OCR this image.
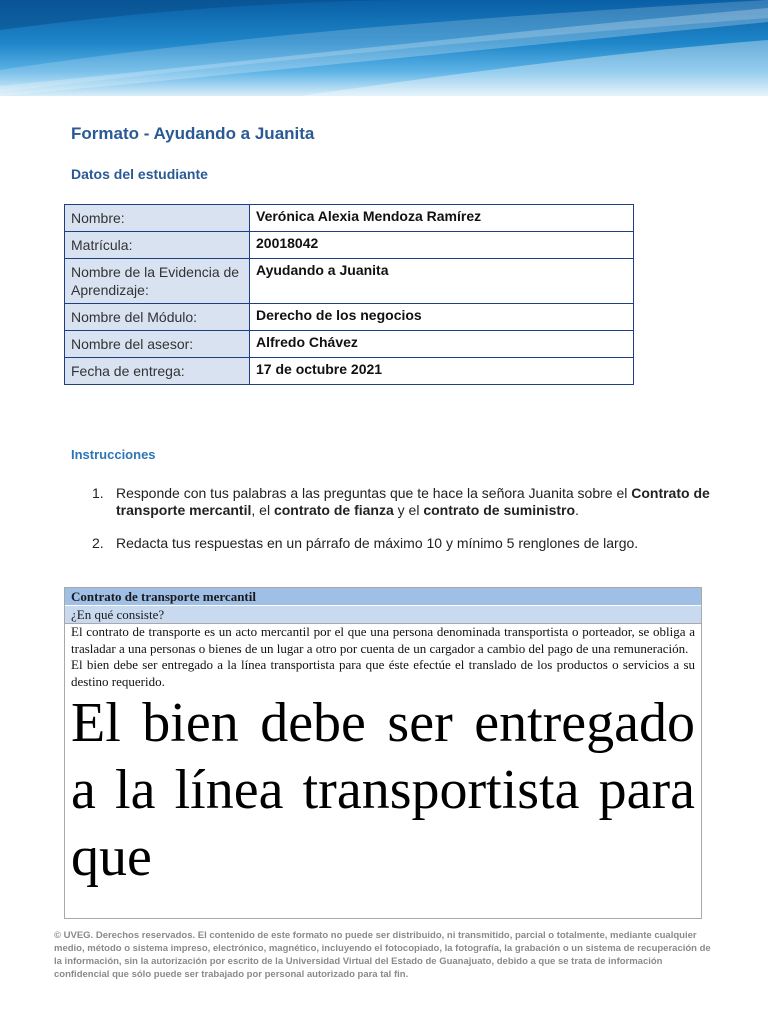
Formato - Ayudando a Juanita
Datos del estudiante
Nombre:	Verónica Alexia Mendoza Ramírez
Matrícula:	20018042
Nombre de la Evidencia de Aprendizaje:	Ayudando a Juanita
Nombre del Módulo:	Derecho de los negocios
Nombre del asesor:	Alfredo Chávez
Fecha de entrega:	17 de octubre 2021
Instrucciones
1. Responde con tus palabras a las preguntas que te hace la señora Juanita sobre el Contrato de transporte mercantil, el contrato de fianza y el contrato de suministro.
2. Redacta tus respuestas en un párrafo de máximo 10 y mínimo 5 renglones de largo.
Contrato de transporte mercantil
¿En qué consiste?

El contrato de transporte es un acto mercantil por el que una persona denominada transportista o porteador, se obliga a trasladar a una personas o bienes de un lugar a otro por cuenta de un cargador a cambio del pago de una remuneración.

El bien debe ser entregado a la línea transportista para que éste efectúe el translado de los productos o servicios a su destino requerido.

El bien debe ser entregado a la línea transportista para que

© UVEG. Derechos reservados. El contenido de este formato no puede ser distribuido, ni transmitido, parcial o totalmente, mediante cualquier medio, método o sistema impreso, electrónico, magnético, incluyendo el fotocopiado, la fotografía, la grabación o un sistema de recuperación de la información, sin la autorización por escrito de la Universidad Virtual del Estado de Guanajuato, debido a que se trata de información confidencial que sólo puede ser trabajado por personal autorizado para tal fin.
